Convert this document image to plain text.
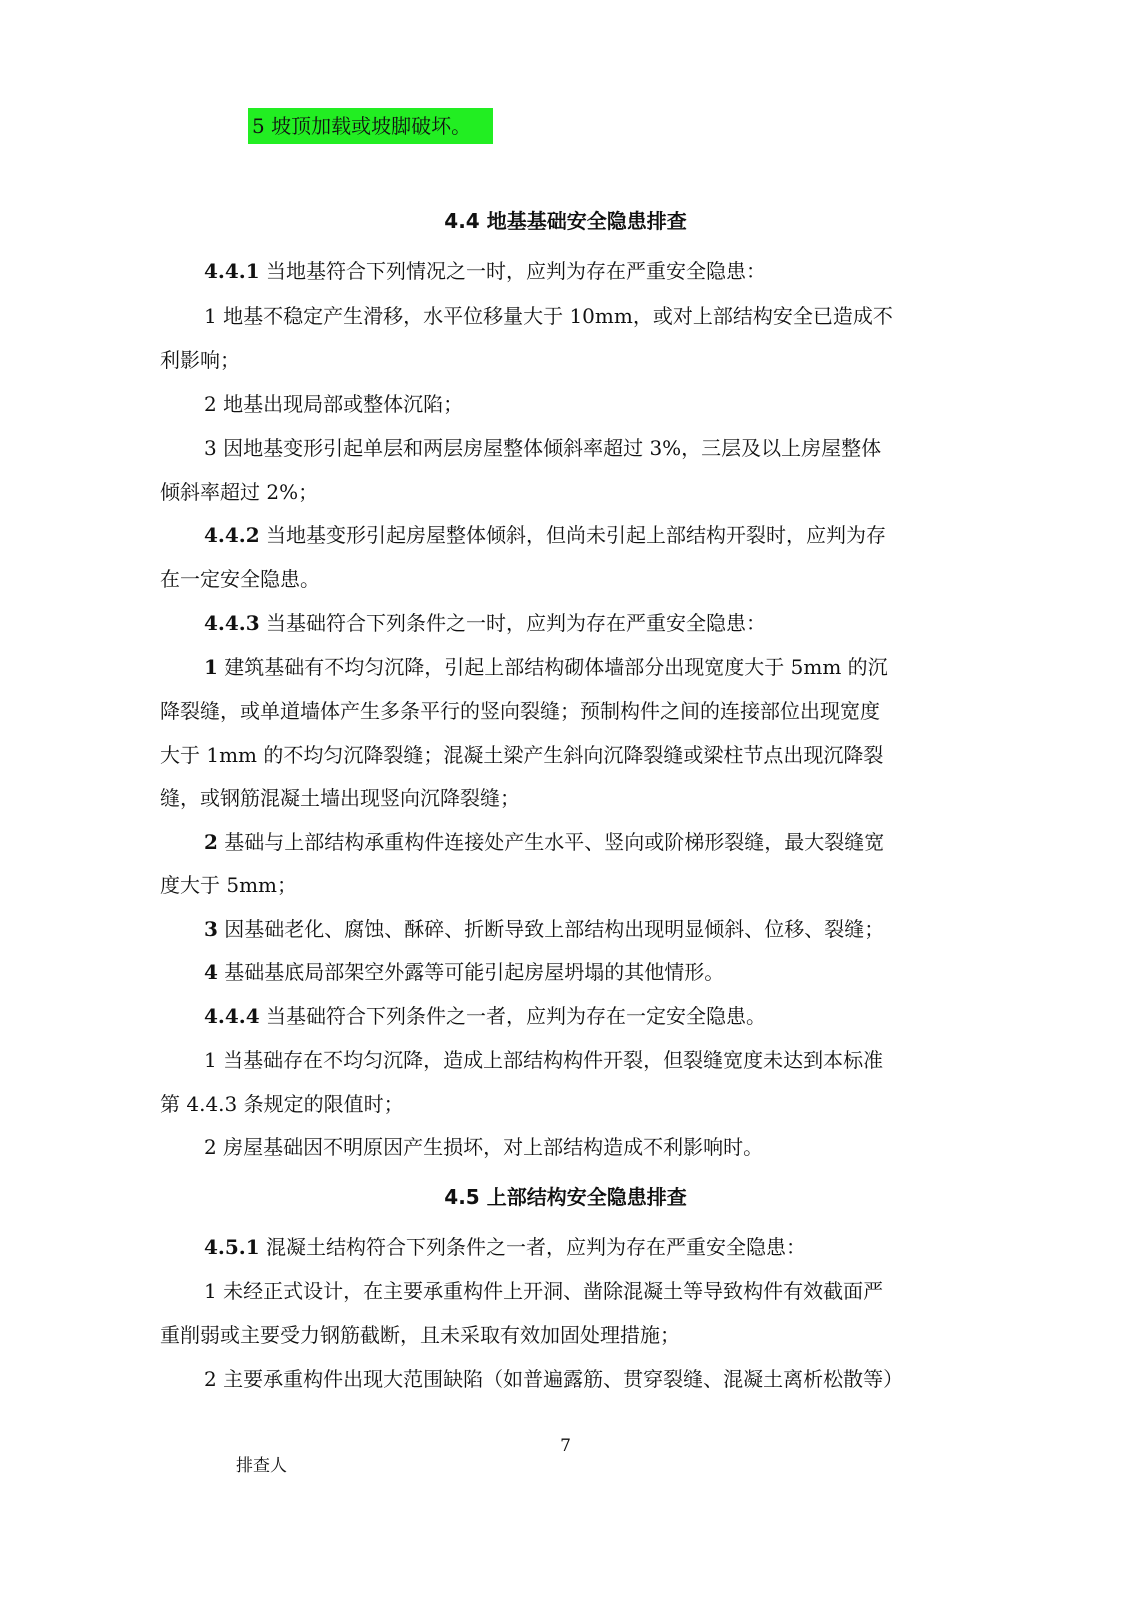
5 坡顶加载或坡脚破坏。
4.4 地基基础安全隐患排查
4.4.1 当地基符合下列情况之一时，应判为存在严重安全隐患：
1 地基不稳定产生滑移，水平位移量大于 10mm，或对上部结构安全已造成不
利影响；
2 地基出现局部或整体沉陷；
3 因地基变形引起单层和两层房屋整体倾斜率超过 3%，三层及以上房屋整体
倾斜率超过 2%；
4.4.2 当地基变形引起房屋整体倾斜，但尚未引起上部结构开裂时，应判为存
在一定安全隐患。
4.4.3 当基础符合下列条件之一时，应判为存在严重安全隐患：
1 建筑基础有不均匀沉降，引起上部结构砌体墙部分出现宽度大于 5mm 的沉
降裂缝，或单道墙体产生多条平行的竖向裂缝；预制构件之间的连接部位出现宽度
大于 1mm 的不均匀沉降裂缝；混凝土梁产生斜向沉降裂缝或梁柱节点出现沉降裂
缝，或钢筋混凝土墙出现竖向沉降裂缝；
2 基础与上部结构承重构件连接处产生水平、竖向或阶梯形裂缝，最大裂缝宽
度大于 5mm；
3 因基础老化、腐蚀、酥碎、折断导致上部结构出现明显倾斜、位移、裂缝；
4 基础基底局部架空外露等可能引起房屋坍塌的其他情形。
4.4.4 当基础符合下列条件之一者，应判为存在一定安全隐患。
1 当基础存在不均匀沉降，造成上部结构构件开裂，但裂缝宽度未达到本标准
第 4.4.3 条规定的限值时；
2 房屋基础因不明原因产生损坏，对上部结构造成不利影响时。
4.5 上部结构安全隐患排查
4.5.1 混凝土结构符合下列条件之一者，应判为存在严重安全隐患：
1 未经正式设计，在主要承重构件上开洞、凿除混凝土等导致构件有效截面严
重削弱或主要受力钢筋截断，且未采取有效加固处理措施；
2 主要承重构件出现大范围缺陷（如普遍露筋、贯穿裂缝、混凝土离析松散等）
7
排查人
